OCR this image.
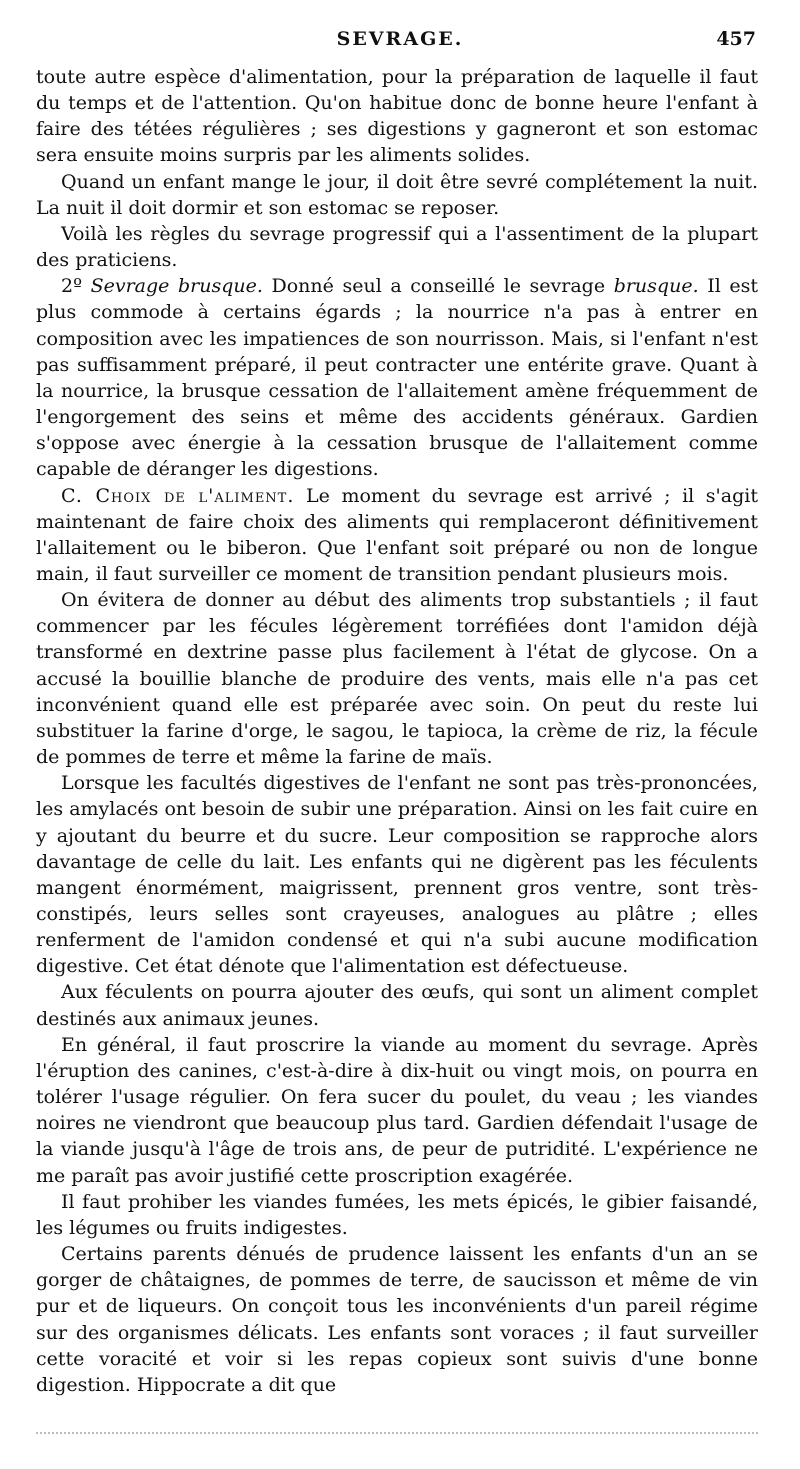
SEVRAGE.	457

toute autre espèce d'alimentation, pour la préparation de laquelle il faut du temps et de l'attention. Qu'on habitue donc de bonne heure l'enfant à faire des tétées régulières ; ses digestions y gagneront et son estomac sera ensuite moins surpris par les aliments solides.

Quand un enfant mange le jour, il doit être sevré complétement la nuit. La nuit il doit dormir et son estomac se reposer.

Voilà les règles du sevrage progressif qui a l'assentiment de la plupart des praticiens.

2º Sevrage brusque. Donné seul a conseillé le sevrage brusque. Il est plus commode à certains égards ; la nourrice n'a pas à entrer en composition avec les impatiences de son nourrisson. Mais, si l'enfant n'est pas suffisamment préparé, il peut contracter une entérite grave. Quant à la nourrice, la brusque cessation de l'allaitement amène fréquemment de l'engorgement des seins et même des accidents généraux. Gardien s'oppose avec énergie à la cessation brusque de l'allaitement comme capable de déranger les digestions.

C. Choix de l'aliment. Le moment du sevrage est arrivé ; il s'agit maintenant de faire choix des aliments qui remplaceront définitivement l'allaitement ou le biberon. Que l'enfant soit préparé ou non de longue main, il faut surveiller ce moment de transition pendant plusieurs mois.

On évitera de donner au début des aliments trop substantiels ; il faut commencer par les fécules légèrement torréfiées dont l'amidon déjà transformé en dextrine passe plus facilement à l'état de glycose. On a accusé la bouillie blanche de produire des vents, mais elle n'a pas cet inconvénient quand elle est préparée avec soin. On peut du reste lui substituer la farine d'orge, le sagou, le tapioca, la crème de riz, la fécule de pommes de terre et même la farine de maïs.

Lorsque les facultés digestives de l'enfant ne sont pas très-prononcées, les amylacés ont besoin de subir une préparation. Ainsi on les fait cuire en y ajoutant du beurre et du sucre. Leur composition se rapproche alors davantage de celle du lait. Les enfants qui ne digèrent pas les féculents mangent énormément, maigrissent, prennent gros ventre, sont très-constipés, leurs selles sont crayeuses, analogues au plâtre ; elles renferment de l'amidon condensé et qui n'a subi aucune modification digestive. Cet état dénote que l'alimentation est défectueuse.

Aux féculents on pourra ajouter des œufs, qui sont un aliment complet destinés aux animaux jeunes.

En général, il faut proscrire la viande au moment du sevrage. Après l'éruption des canines, c'est-à-dire à dix-huit ou vingt mois, on pourra en tolérer l'usage régulier. On fera sucer du poulet, du veau ; les viandes noires ne viendront que beaucoup plus tard. Gardien défendait l'usage de la viande jusqu'à l'âge de trois ans, de peur de putridité. L'expérience ne me paraît pas avoir justifié cette proscription exagérée.

Il faut prohiber les viandes fumées, les mets épicés, le gibier faisandé, les légumes ou fruits indigestes.

Certains parents dénués de prudence laissent les enfants d'un an se gorger de châtaignes, de pommes de terre, de saucisson et même de vin pur et de liqueurs. On conçoit tous les inconvénients d'un pareil régime sur des organismes délicats. Les enfants sont voraces ; il faut surveiller cette voracité et voir si les repas copieux sont suivis d'une bonne digestion. Hippocrate a dit que
